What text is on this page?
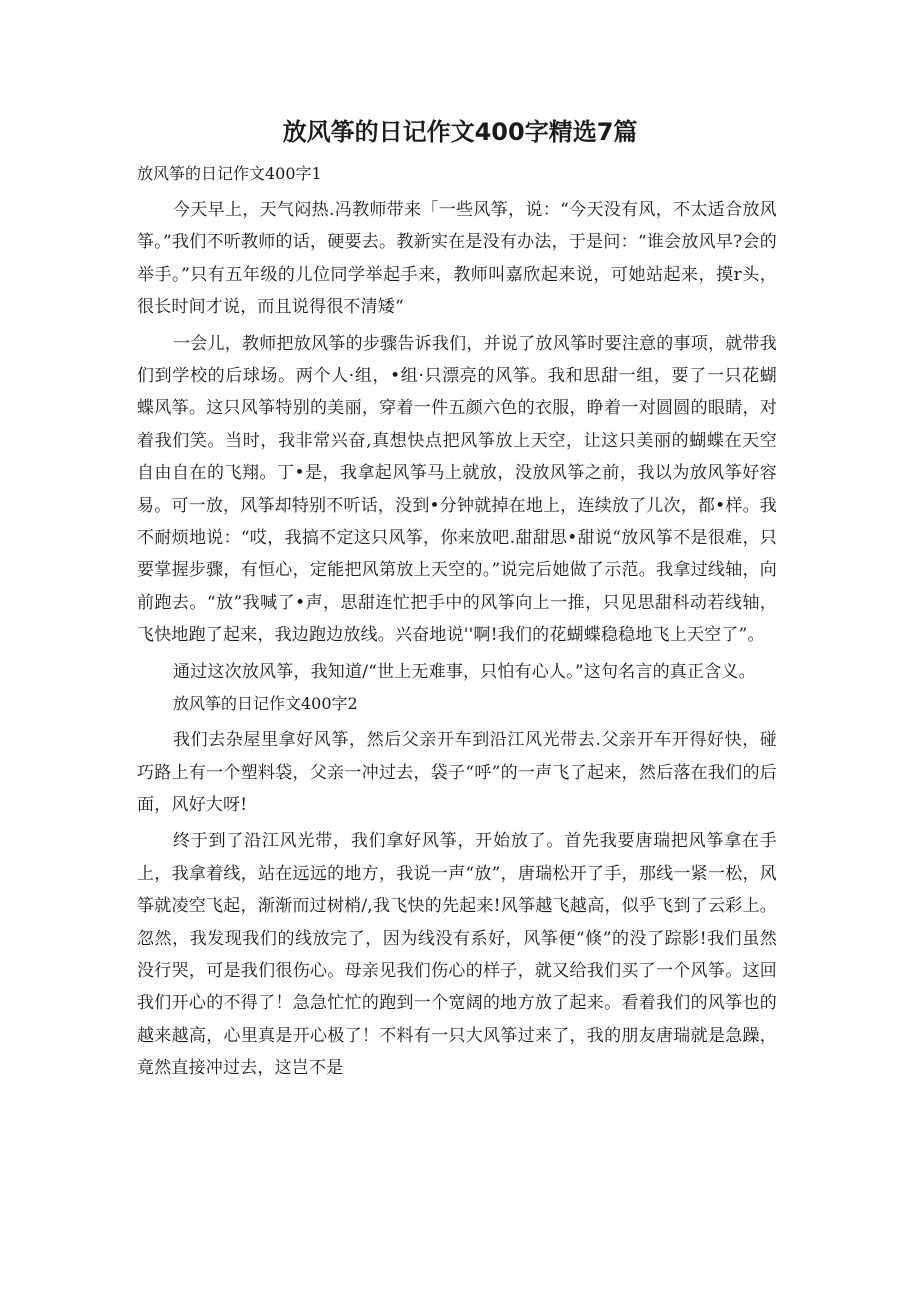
放风筝的日记作文400字精选7篇

放风筝的日记作文400字1

今天早上，天气闷热.冯教师带来「一些风筝，说：“今天没有风，不太适合放风筝。”我们不听教师的话，硬要去。教新实在是没有办法，于是问：“谁会放风早?会的举手。”只有五年级的儿位同学举起手来，教师叫嘉欣起来说，可她站起来，摸r头，很长时间才说，而且说得很不清矮“

一会儿，教师把放风筝的步骤告诉我们，并说了放风筝时要注意的事项，就带我们到学校的后球场。两个人·组，•组·只漂亮的风筝。我和思甜一组，要了一只花蝴蝶风筝。这只风筝特别的美丽，穿着一件五颜六色的衣服，睁着一对圆圆的眼睛，对着我们笑。当时，我非常兴奋,真想快点把风筝放上天空，让这只美丽的蝴蝶在天空自由自在的飞翔。丁•是，我拿起风筝马上就放，没放风筝之前，我以为放风筝好容易。可一放，风筝却特别不听话，没到•分钟就掉在地上，连续放了儿次，都•样。我不耐烦地说：“哎，我搞不定这只风筝，你来放吧.甜甜思•甜说“放风筝不是很难，只要掌握步骤，有恒心，定能把风第放上天空的。”说完后她做了示范。我拿过线轴，向前跑去。“放”我喊了•声，思甜连忙把手中的风筝向上一推，只见思甜科动若线轴，飞快地跑了起来，我边跑边放线。兴奋地说''啊!我们的花蝴蝶稳稳地飞上天空了”。

通过这次放风筝，我知道/“世上无难事，只怕有心人。”这句名言的真正含义。

放风筝的日记作文400字2

我们去杂屋里拿好风筝，然后父亲开车到沿江风光带去.父亲开车开得好快，碰巧路上有一个塑料袋，父亲一冲过去，袋子“呼”的一声飞了起来，然后落在我们的后面，风好大呀!

终于到了沿江风光带，我们拿好风筝，开始放了。首先我要唐瑞把风筝拿在手上，我拿着线，站在远远的地方，我说一声“放”，唐瑞松开了手，那线一紧一松，风筝就凌空飞起，渐渐而过树梢/,我飞快的先起来!风筝越飞越高，似乎飞到了云彩上。忽然，我发现我们的线放完了，因为线没有系好，风筝便“倏”的没了踪影!我们虽然没行哭，可是我们很伤心。母亲见我们伤心的样子，就又给我们买了一个风筝。这回我们开心的不得了！急急忙忙的跑到一个宽阔的地方放了起来。看着我们的风筝也的越来越高，心里真是开心极了！不料有一只大风筝过来了，我的朋友唐瑞就是急躁，竟然直接冲过去，这岂不是
